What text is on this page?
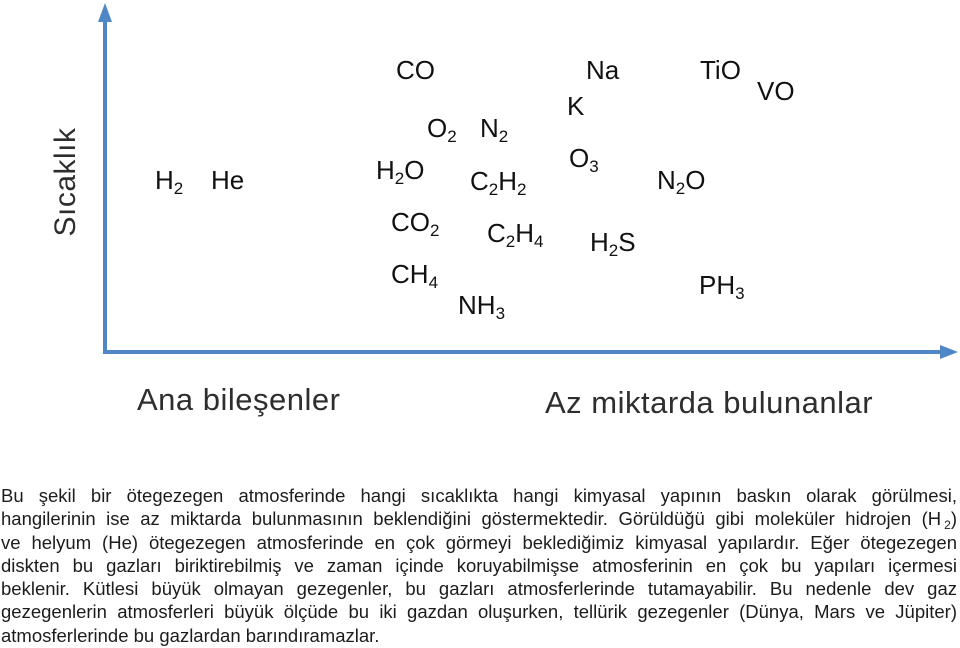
Sıcaklık	$H_2$ He
CO
$O_2$ $N_2$
$H_2O$ $C_2H_2$
$CO_2$ $C_2H_4$
$CH_4$
$NH_3$
Na
K
$O_3$
$H_2S$
TiO
VO
$N_2O$
$PH_3$
Ana bileşenler	Az miktarda bulunanlar
Bu şekil bir ötegezegen atmosferinde hangi sıcaklıkta hangi kimyasal yapının baskın olarak görülmesi,
hangilerinin ise az miktarda bulunmasının beklendiğini göstermektedir. Görüldüğü gibi moleküler hidrojen (H $_2$)
ve helyum (He) ötegezegen atmosferinde en çok görmeyi beklediğimiz kimyasal yapılardır. Eğer ötegezegen
diskten bu gazları biriktirebilmiş ve zaman içinde koruyabilmişse atmosferinin en çok bu yapıları içermesi
beklenir. Kütlesi büyük olmayan gezegenler, bu gazları atmosferlerinde tutamayabilir. Bu nedenle dev gaz
gezegenlerin atmosferleri büyük ölçüde bu iki gazdan oluşurken, tellürik gezegenler (Dünya, Mars ve Jüpiter)
atmosferlerinde bu gazlardan barındıramazlar.
